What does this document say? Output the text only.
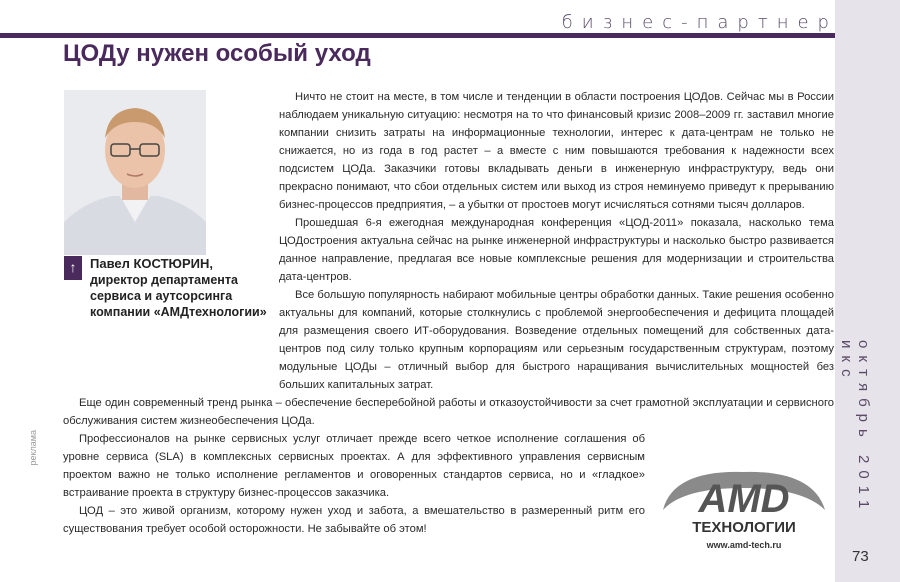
бизнес-партнер
ЦОДу нужен особый уход
↑	Павел КОСТЮРИН,
директор департамента сервиса и аутсорсинга компании «АМДтехнологии»

Ничто не стоит на месте, в том числе и тенденции в области построения ЦОДов. Сейчас мы в России наблюдаем уникальную ситуацию: несмотря на то что финансовый кризис 2008–2009 гг. заставил многие компании снизить затраты на информационные технологии, интерес к дата-центрам не только не снижается, но из года в год растет – а вместе с ним повышаются требования к надежности всех подсистем ЦОДа. Заказчики готовы вкладывать деньги в инженерную инфраструктуру, ведь они прекрасно понимают, что сбои отдельных систем или выход из строя неминуемо приведут к прерыванию бизнес-процессов предприятия, – а убытки от простоев могут исчисляться сотнями тысяч долларов.

Прошедшая 6-я ежегодная международная конференция «ЦОД-2011» показала, насколько тема ЦОДостроения актуальна сейчас на рынке инженерной инфраструктуры и насколько быстро развивается данное направление, предлагая все новые комплексные решения для модернизации и строительства дата-центров.

Все большую популярность набирают мобильные центры обработки данных. Такие решения особенно актуальны для компаний, которые столкнулись с проблемой энергообеспечения и дефицита площадей для размещения своего ИТ-оборудования. Возведение отдельных помещений для собственных дата-центров под силу только крупным корпорациям или серьезным государственным структурам, поэтому модульные ЦОДы – отличный выбор для быстрого наращивания вычислительных мощностей без больших капитальных затрат.

Еще один современный тренд рынка – обеспечение бесперебойной работы и отказоустойчивости за счет грамотной эксплуатации и сервисного обслуживания систем жизнеобеспечения ЦОДа.

Профессионалов на рынке сервисных услуг отличает прежде всего четкое исполнение соглашения об уровне сервиса (SLA) в комплексных сервисных проектах. А для эффективного управления сервисным проектом важно не только исполнение регламентов и оговоренных стандартов сервиса, но и «гладкое» встраивание проекта в структуру бизнес-процессов заказчика.

ЦОД – это живой организм, которому нужен уход и забота, а вмешательство в размеренный ритм его существования требует особой осторожности. Не забывайте об этом!

AMD
ТЕХНОЛОГИИ
www.amd-tech.ru
реклама	октябрь 2011 икс
73
